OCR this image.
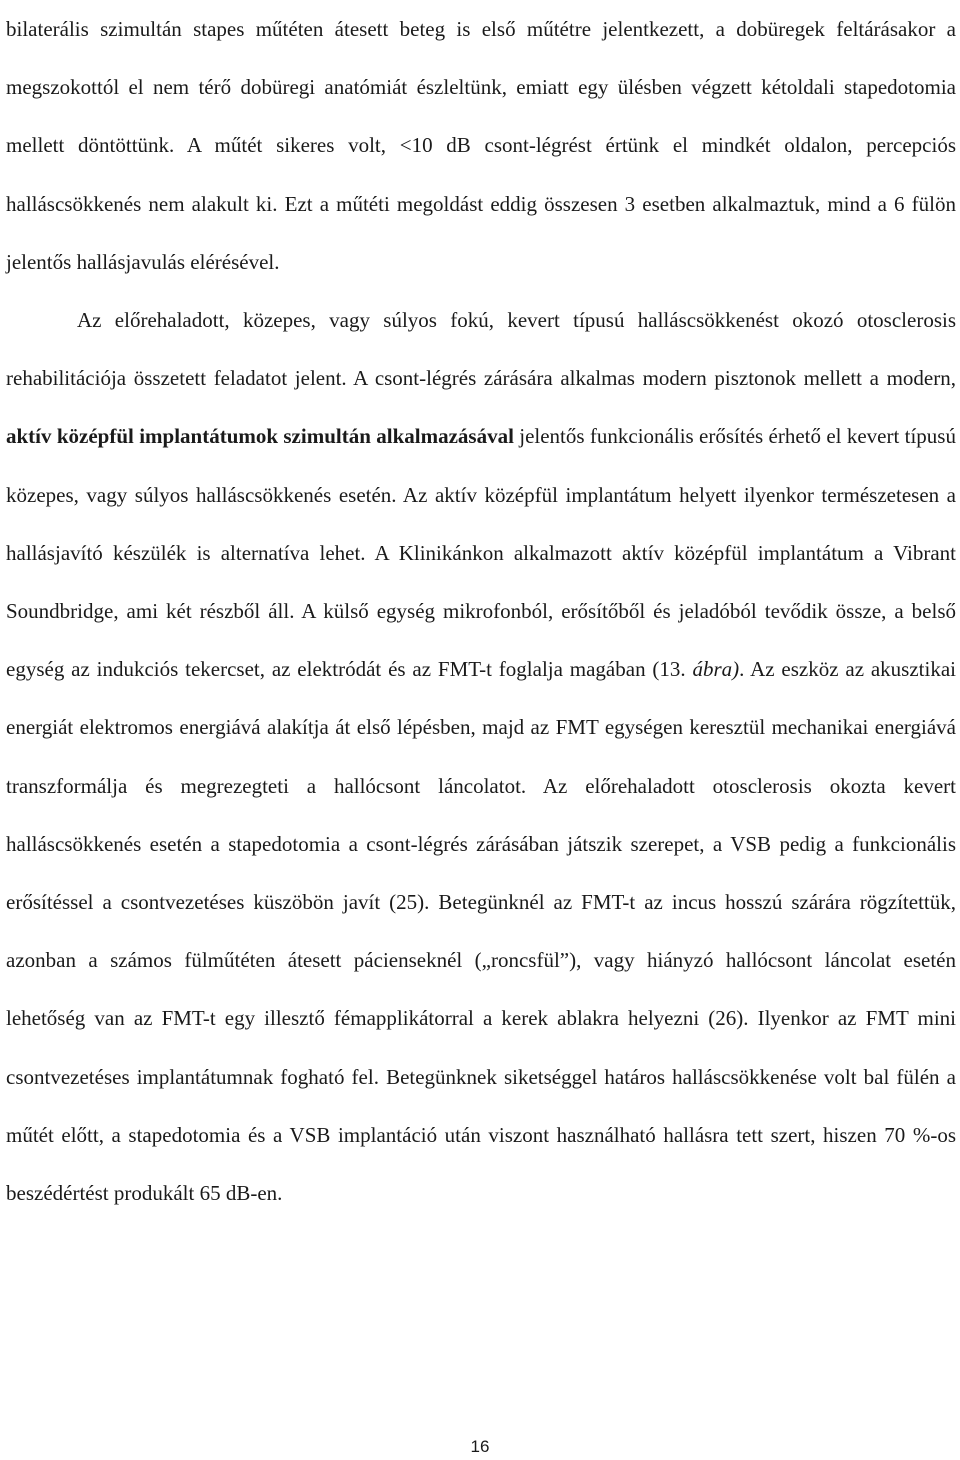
bilaterális szimultán stapes műtéten átesett beteg is első műtétre jelentkezett, a dobüregek feltárásakor a megszokottól el nem térő dobüregi anatómiát észleltünk, emiatt egy ülésben végzett kétoldali stapedotomia mellett döntöttünk. A műtét sikeres volt, <10 dB csont-légrést értünk el mindkét oldalon, percepciós halláscsökkenés nem alakult ki. Ezt a műtéti megoldást eddig összesen 3 esetben alkalmaztuk, mind a 6 fülön jelentős hallásjavulás elérésével.

Az előrehaladott, közepes, vagy súlyos fokú, kevert típusú halláscsökkenést okozó otosclerosis rehabilitációja összetett feladatot jelent. A csont-légrés zárására alkalmas modern pisztonok mellett a modern, aktív középfül implantátumok szimultán alkalmazásával jelentős funkcionális erősítés érhető el kevert típusú közepes, vagy súlyos halláscsökkenés esetén. Az aktív középfül implantátum helyett ilyenkor természetesen a hallásjavító készülék is alternatíva lehet. A Klinikánkon alkalmazott aktív középfül implantátum a Vibrant Soundbridge, ami két részből áll. A külső egység mikrofonból, erősítőből és jeladóból tevődik össze, a belső egység az indukciós tekercset, az elektródát és az FMT-t foglalja magában (13. ábra). Az eszköz az akusztikai energiát elektromos energiává alakítja át első lépésben, majd az FMT egységen keresztül mechanikai energiává transzformálja és megrezegteti a hallócsont láncolatot. Az előrehaladott otosclerosis okozta kevert halláscsökkenés esetén a stapedotomia a csont-légrés zárásában játszik szerepet, a VSB pedig a funkcionális erősítéssel a csontvezetéses küszöbön javít (25). Betegünknél az FMT-t az incus hosszú szárára rögzítettük, azonban a számos fülműtéten átesett pácienseknél („roncsfül”), vagy hiányzó hallócsont láncolat esetén lehetőség van az FMT-t egy illesztő fémapplikátorral a kerek ablakra helyezni (26). Ilyenkor az FMT mini csontvezetéses implantátumnak fogható fel. Betegünknek siketséggel határos halláscsökkenése volt bal fülén a műtét előtt, a stapedotomia és a VSB implantáció után viszont használható hallásra tett szert, hiszen 70 %-os beszédértést produkált 65 dB-en.

16
